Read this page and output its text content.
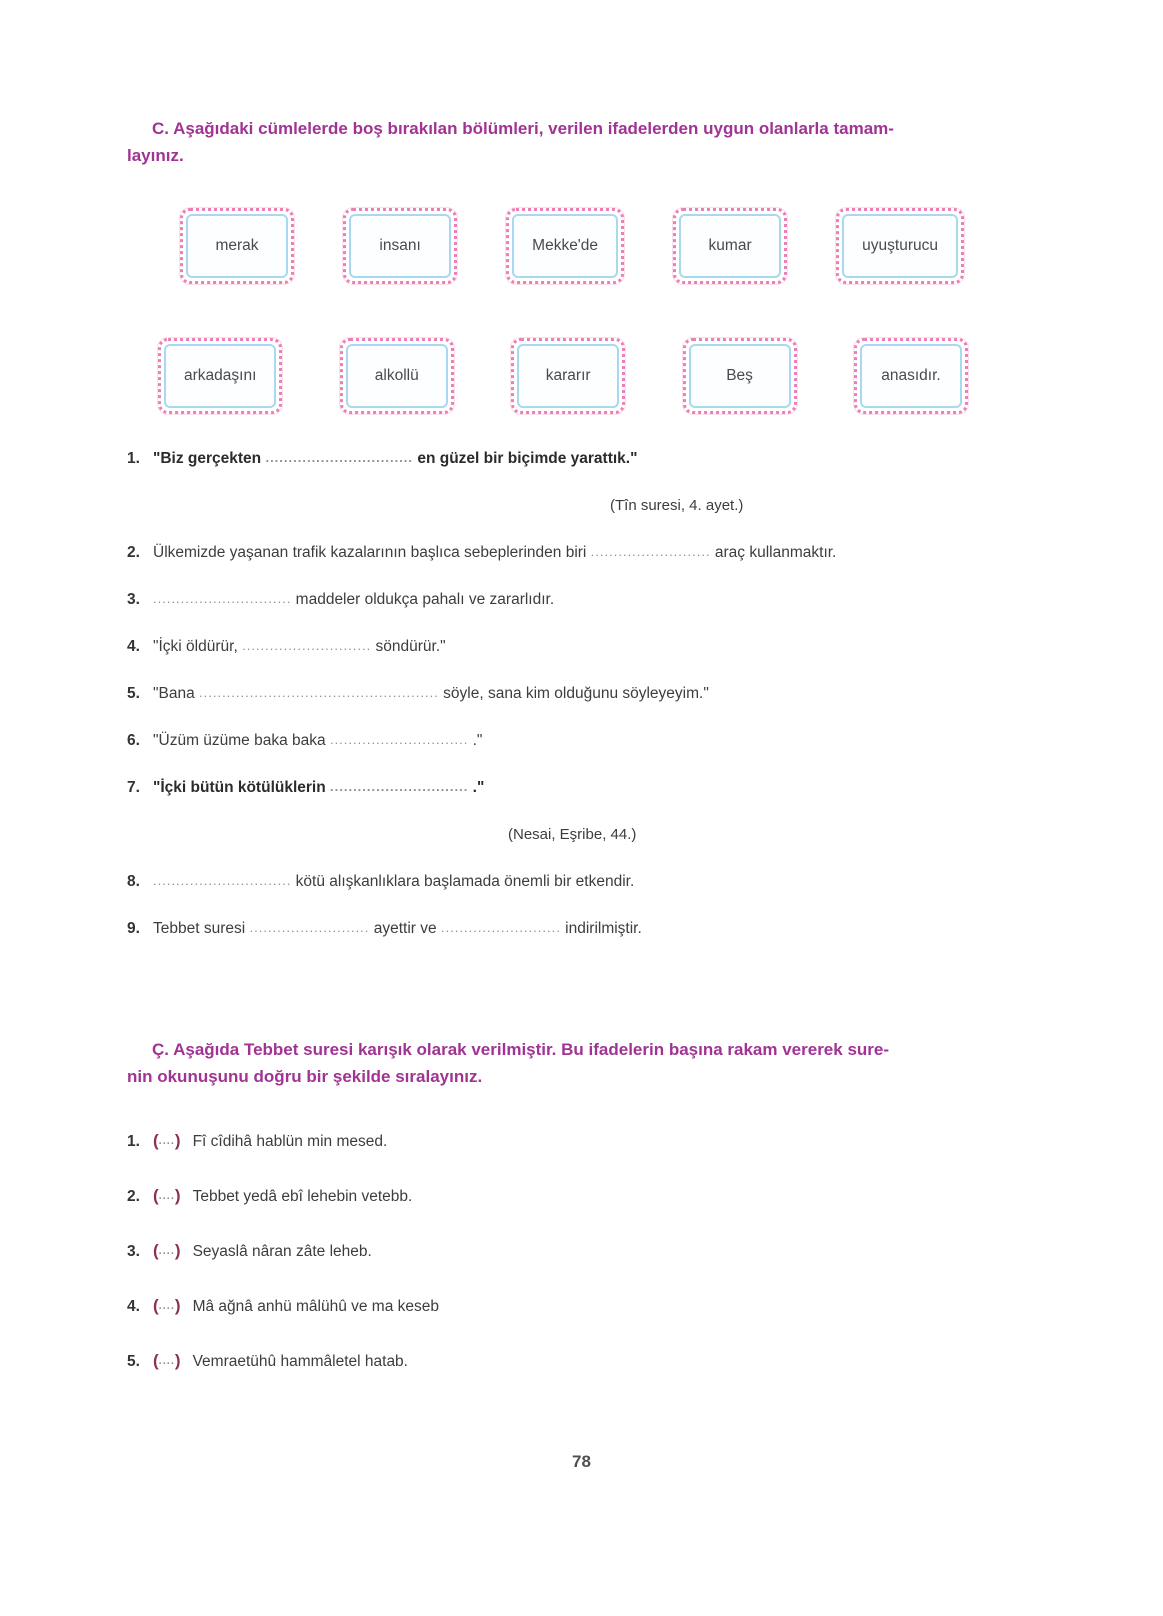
C. Aşağıdaki cümlelerde boş bırakılan bölümleri, verilen ifadelerden uygun olanlarla tamam-
layınız.
merak	insanı	Mekke'de	kumar	uyuşturucu
arkadaşını	alkollü	kararır	Beş	anasıdır.
1. "Biz gerçekten ................................ en güzel bir biçimde yarattık."
(Tîn suresi, 4. ayet.)
2. Ülkemizde yaşanan trafik kazalarının başlıca sebeplerinden biri .......................... araç kullanmaktır.
3. .............................. maddeler oldukça pahalı ve zararlıdır.
4. "İçki öldürür, ............................ söndürür."
5. "Bana .................................................... söyle, sana kim olduğunu söyleyeyim."
6. "Üzüm üzüme baka baka .............................. ."
7. "İçki bütün kötülüklerin .............................. ."
(Nesai, Eşribe, 44.)
8. .............................. kötü alışkanlıklara başlamada önemli bir etkendir.
9. Tebbet suresi .......................... ayettir ve .......................... indirilmiştir.
Ç. Aşağıda Tebbet suresi karışık olarak verilmiştir. Bu ifadelerin başına rakam vererek sure-
nin okunuşunu doğru bir şekilde sıralayınız.
1. (....) Fî cîdihâ hablün min mesed.
2. (....) Tebbet yedâ ebî lehebin vetebb.
3. (....) Seyaslâ nâran zâte leheb.
4. (....) Mâ ağnâ anhü mâlühû ve ma keseb
5. (....) Vemraetühû hammâletel hatab.
78
